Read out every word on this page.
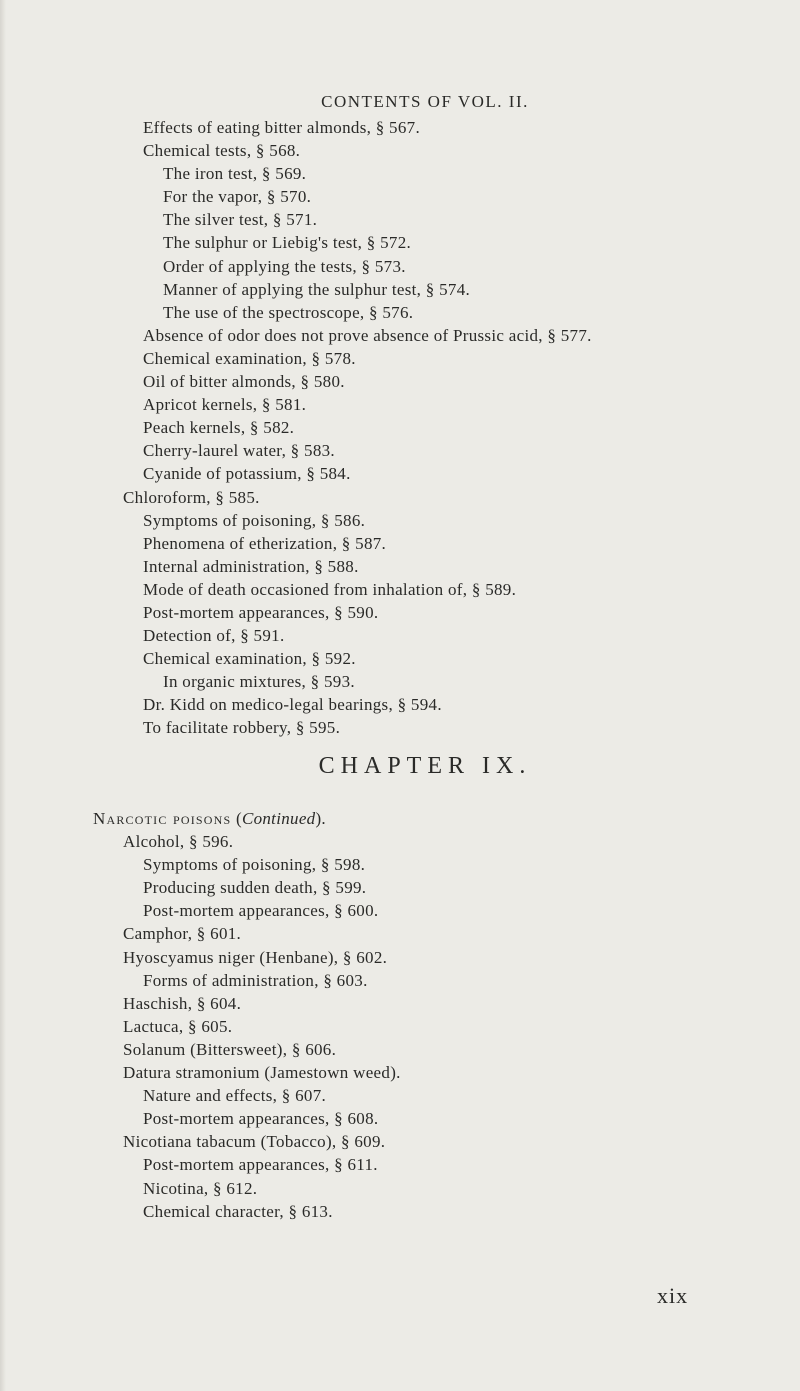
CONTENTS OF VOL. II.
Effects of eating bitter almonds, § 567.
Chemical tests, § 568.
The iron test, § 569.
For the vapor, § 570.
The silver test, § 571.
The sulphur or Liebig's test, § 572.
Order of applying the tests, § 573.
Manner of applying the sulphur test, § 574.
The use of the spectroscope, § 576.
Absence of odor does not prove absence of Prussic acid, § 577.
Chemical examination, § 578.
Oil of bitter almonds, § 580.
Apricot kernels, § 581.
Peach kernels, § 582.
Cherry-laurel water, § 583.
Cyanide of potassium, § 584.
Chloroform, § 585.
Symptoms of poisoning, § 586.
Phenomena of etherization, § 587.
Internal administration, § 588.
Mode of death occasioned from inhalation of, § 589.
Post-mortem appearances, § 590.
Detection of, § 591.
Chemical examination, § 592.
In organic mixtures, § 593.
Dr. Kidd on medico-legal bearings, § 594.
To facilitate robbery, § 595.
CHAPTER IX.
Narcotic poisons (Continued).
Alcohol, § 596.
Symptoms of poisoning, § 598.
Producing sudden death, § 599.
Post-mortem appearances, § 600.
Camphor, § 601.
Hyoscyamus niger (Henbane), § 602.
Forms of administration, § 603.
Haschish, § 604.
Lactuca, § 605.
Solanum (Bittersweet), § 606.
Datura stramonium (Jamestown weed).
Nature and effects, § 607.
Post-mortem appearances, § 608.
Nicotiana tabacum (Tobacco), § 609.
Post-mortem appearances, § 611.
Nicotina, § 612.
Chemical character, § 613.
xix
